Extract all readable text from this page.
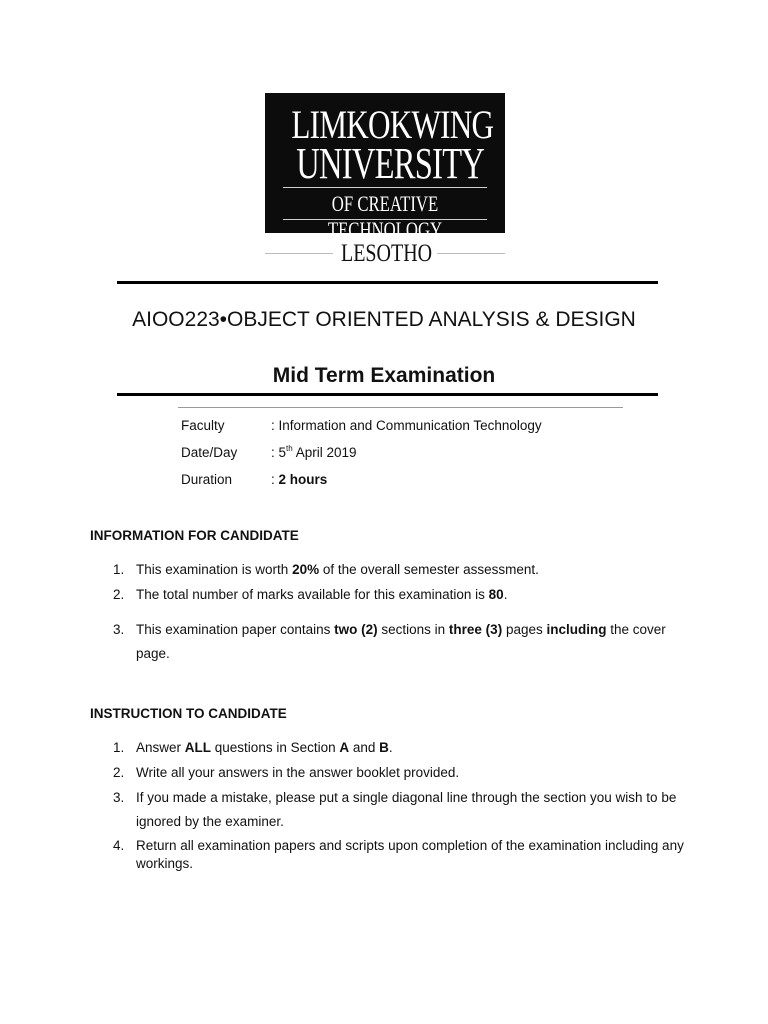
LIMKOKWING
UNIVERSITY
OF CREATIVE TECHNOLOGY
LESOTHO
AIOO223•OBJECT ORIENTED ANALYSIS & DESIGN
Mid Term Examination
Faculty	: Information and Communication Technology
Date/Day : 5th April 2019
Duration	: 2 hours
INFORMATION FOR CANDIDATE
1. This examination is worth 20% of the overall semester assessment.
2. The total number of marks available for this examination is 80.
3. This examination paper contains two (2) sections in three (3) pages including the cover page.
INSTRUCTION TO CANDIDATE
1. Answer ALL questions in Section A and B.
2. Write all your answers in the answer booklet provided.
3. If you made a mistake, please put a single diagonal line through the section you wish to be ignored by the examiner.
4. Return all examination papers and scripts upon completion of the examination including any workings.
